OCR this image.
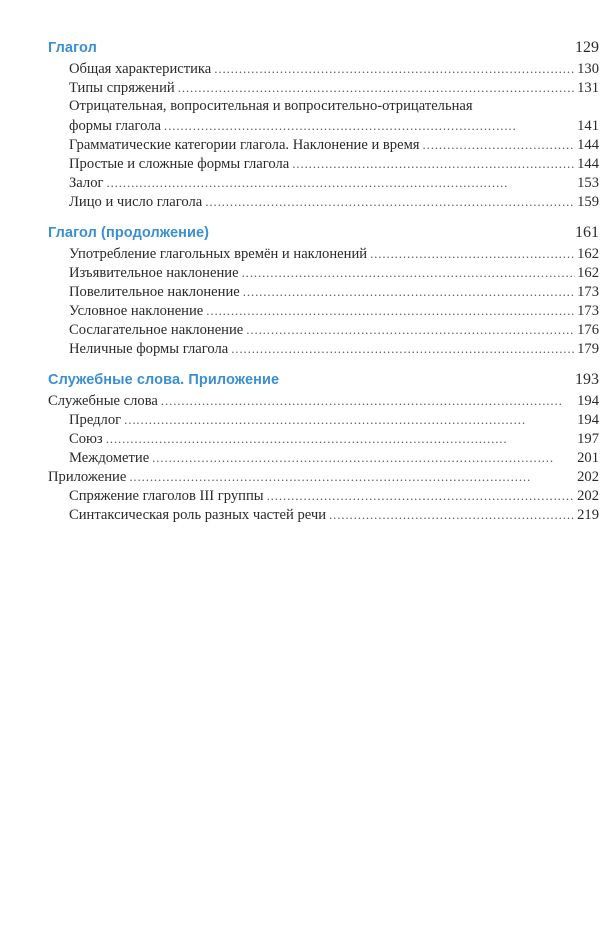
Глагол	129
Общая характеристика . . .	130
Типы спряжений . . .	131
Отрицательная, вопросительная и вопросительно-отрицательная
формы глагола . . .	141
Грамматические категории глагола. Наклонение и время . . .	144
Простые и сложные формы глагола . . .	144
Залог . . .	153
Лицо и число глагола . . .	159
Глагол (продолжение)	161
Употребление глагольных времён и наклонений . . .	162
Изъявительное наклонение . . .	162
Повелительное наклонение . . .	173
Условное наклонение . . .	173
Сослагательное наклонение . . .	176
Неличные формы глагола . . .	179
Служебные слова. Приложение	193
Служебные слова . . .	194
Предлог . . .	194
Союз . . .	197
Междометие . . .	201
Приложение . . .	202
Спряжение глаголов III группы . . .	202
Синтаксическая роль разных частей речи . . .	219
